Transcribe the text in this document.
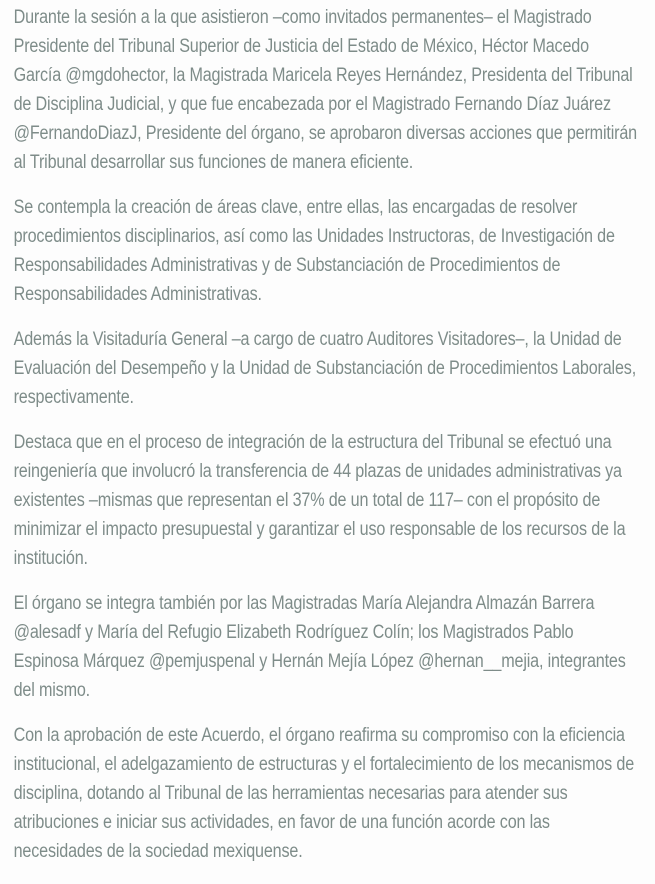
Durante la sesión a la que asistieron –como invitados permanentes– el Magistrado Presidente del Tribunal Superior de Justicia del Estado de México, Héctor Macedo García @mgdohector, la Magistrada Maricela Reyes Hernández, Presidenta del Tribunal de Disciplina Judicial, y que fue encabezada por el Magistrado Fernando Díaz Juárez @FernandoDiazJ, Presidente del órgano, se aprobaron diversas acciones que permitirán al Tribunal desarrollar sus funciones de manera eficiente.

Se contempla la creación de áreas clave, entre ellas, las encargadas de resolver procedimientos disciplinarios, así como las Unidades Instructoras, de Investigación de Responsabilidades Administrativas y de Substanciación de Procedimientos de Responsabilidades Administrativas.

Además la Visitaduría General –a cargo de cuatro Auditores Visitadores–, la Unidad de Evaluación del Desempeño y la Unidad de Substanciación de Procedimientos Laborales, respectivamente.

Destaca que en el proceso de integración de la estructura del Tribunal se efectuó una reingeniería que involucró la transferencia de 44 plazas de unidades administrativas ya existentes –mismas que representan el 37% de un total de 117– con el propósito de minimizar el impacto presupuestal y garantizar el uso responsable de los recursos de la institución.

El órgano se integra también por las Magistradas María Alejandra Almazán Barrera @alesadf y María del Refugio Elizabeth Rodríguez Colín; los Magistrados Pablo Espinosa Márquez @pemjuspenal y Hernán Mejía López @hernan__mejia, integrantes del mismo.

Con la aprobación de este Acuerdo, el órgano reafirma su compromiso con la eficiencia institucional, el adelgazamiento de estructuras y el fortalecimiento de los mecanismos de disciplina, dotando al Tribunal de las herramientas necesarias para atender sus atribuciones e iniciar sus actividades, en favor de una función acorde con las necesidades de la sociedad mexiquense.
